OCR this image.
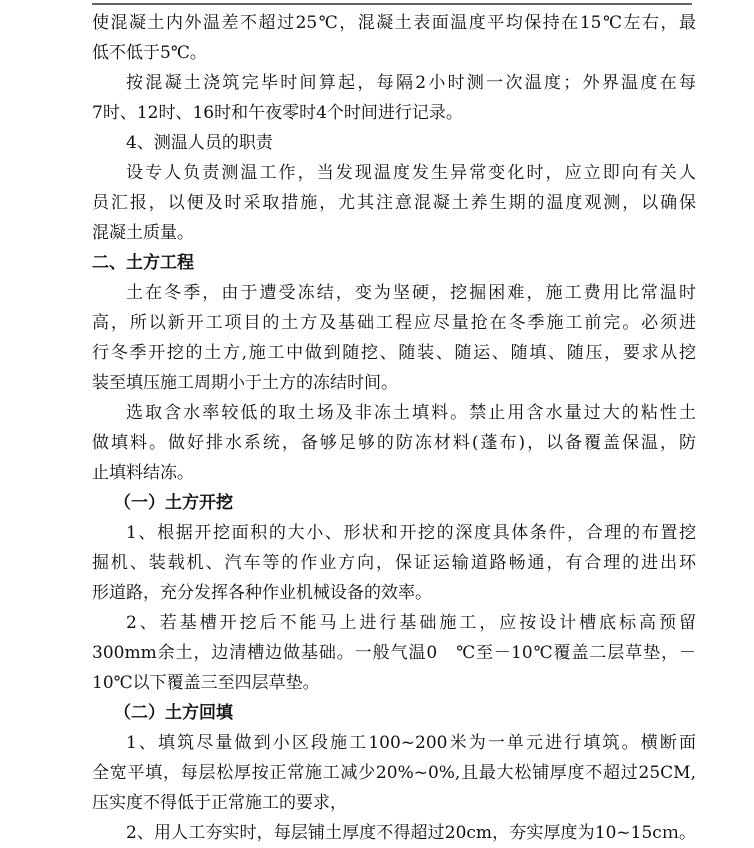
使混凝土内外温差不超过25℃，混凝土表面温度平均保持在15℃左右，最
低不低于5℃。
按混凝土浇筑完毕时间算起，每隔2小时测一次温度；外界温度在每
7时、12时、16时和午夜零时4个时间进行记录。
4、测温人员的职责
设专人负责测温工作，当发现温度发生异常变化时，应立即向有关人
员汇报，以便及时采取措施，尤其注意混凝土养生期的温度观测，以确保
混凝土质量。
二、土方工程
土在冬季，由于遭受冻结，变为坚硬，挖掘困难，施工费用比常温时
高，所以新开工项目的土方及基础工程应尽量抢在冬季施工前完。必须进
行冬季开挖的土方,施工中做到随挖、随装、随运、随填、随压，要求从挖
装至填压施工周期小于土方的冻结时间。
选取含水率较低的取土场及非冻土填料。禁止用含水量过大的粘性土
做填料。做好排水系统，备够足够的防冻材料(蓬布)，以备覆盖保温，防
止填料结冻。
（一）土方开挖
1、根据开挖面积的大小、形状和开挖的深度具体条件，合理的布置挖
掘机、装载机、汽车等的作业方向，保证运输道路畅通，有合理的进出环
形道路，充分发挥各种作业机械设备的效率。
2、若基槽开挖后不能马上进行基础施工，应按设计槽底标高预留
300mm余土，边清槽边做基础。一般气温0   ℃至－10℃覆盖二层草垫，－
10℃以下覆盖三至四层草垫。
（二）土方回填
1、填筑尽量做到小区段施工100~200米为一单元进行填筑。横断面
全宽平填，每层松厚按正常施工减少20%~0%,且最大松铺厚度不超过25CM,
压实度不得低于正常施工的要求，
2、用人工夯实时，每层铺土厚度不得超过20cm，夯实厚度为10~15cｍ。
